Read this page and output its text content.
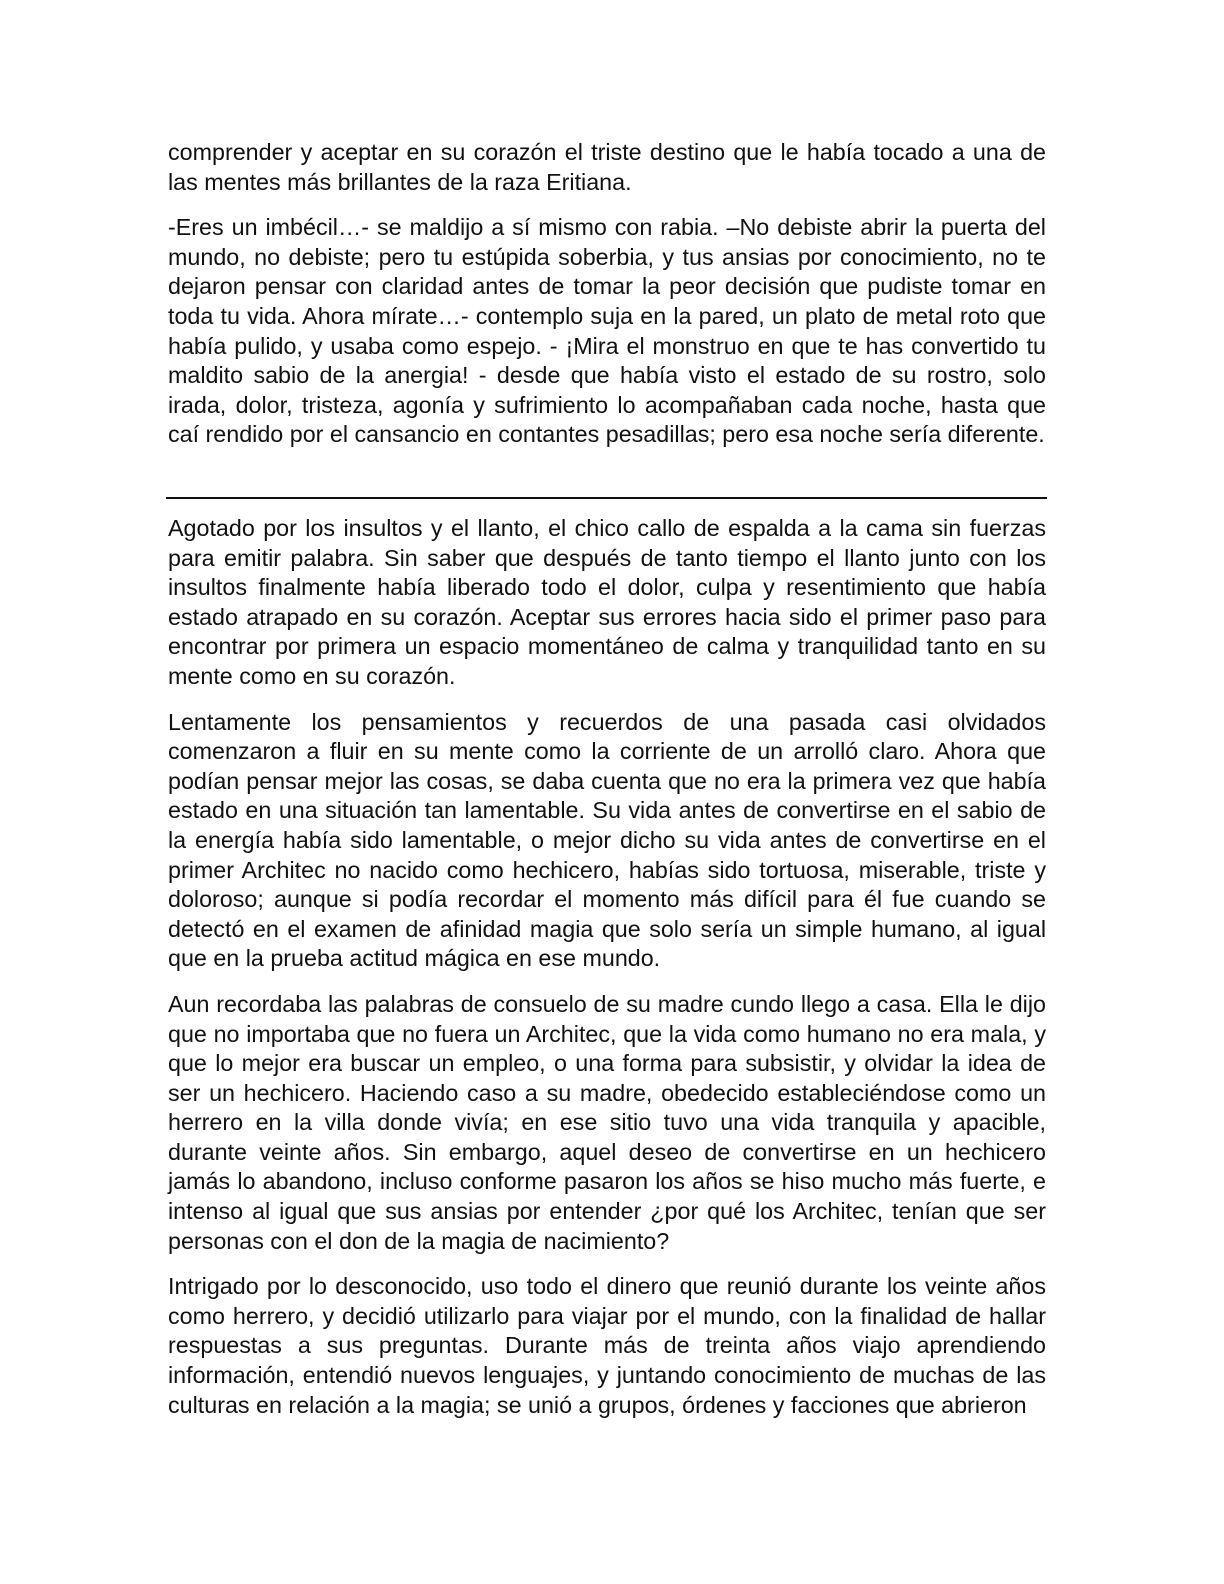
comprender y aceptar en su corazón el triste destino que le había tocado a una de las mentes más brillantes de la raza Eritiana.

-Eres un imbécil…- se maldijo a sí mismo con rabia. –No debiste abrir la puerta del mundo, no debiste; pero tu estúpida soberbia, y tus ansias por conocimiento, no te dejaron pensar con claridad antes de tomar la peor decisión que pudiste tomar en toda tu vida. Ahora mírate…- contemplo suja en la pared, un plato de metal roto que había pulido, y usaba como espejo. - ¡Mira el monstruo en que te has convertido tu maldito sabio de la anergia! - desde que había visto el estado de su rostro, solo irada, dolor, tristeza, agonía y sufrimiento lo acompañaban cada noche, hasta que caí rendido por el cansancio en contantes pesadillas; pero esa noche sería diferente.

Agotado por los insultos y el llanto, el chico callo de espalda a la cama sin fuerzas para emitir palabra. Sin saber que después de tanto tiempo el llanto junto con los insultos finalmente había liberado todo el dolor, culpa y resentimiento que había estado atrapado en su corazón. Aceptar sus errores hacia sido el primer paso para encontrar por primera un espacio momentáneo de calma y tranquilidad tanto en su mente como en su corazón.

Lentamente los pensamientos y recuerdos de una pasada casi olvidados comenzaron a fluir en su mente como la corriente de un arrolló claro. Ahora que podían pensar mejor las cosas, se daba cuenta que no era la primera vez que había estado en una situación tan lamentable. Su vida antes de convertirse en el sabio de la energía había sido lamentable, o mejor dicho su vida antes de convertirse en el primer Architec no nacido como hechicero, habías sido tortuosa, miserable, triste y doloroso; aunque si podía recordar el momento más difícil para él fue cuando se detectó en el examen de afinidad magia que solo sería un simple humano, al igual que en la prueba actitud mágica en ese mundo.

Aun recordaba las palabras de consuelo de su madre cundo llego a casa. Ella le dijo que no importaba que no fuera un Architec, que la vida como humano no era mala, y que lo mejor era buscar un empleo, o una forma para subsistir, y olvidar la idea de ser un hechicero. Haciendo caso a su madre, obedecido estableciéndose como un herrero en la villa donde vivía; en ese sitio tuvo una vida tranquila y apacible, durante veinte años. Sin embargo, aquel deseo de convertirse en un hechicero jamás lo abandono, incluso conforme pasaron los años se hiso mucho más fuerte, e intenso al igual que sus ansias por entender ¿por qué los Architec, tenían que ser personas con el don de la magia de nacimiento?

Intrigado por lo desconocido, uso todo el dinero que reunió durante los veinte años como herrero, y decidió utilizarlo para viajar por el mundo, con la finalidad de hallar respuestas a sus preguntas. Durante más de treinta años viajo aprendiendo información, entendió nuevos lenguajes, y juntando conocimiento de muchas de las culturas en relación a la magia; se unió a grupos, órdenes y facciones que abrieron
